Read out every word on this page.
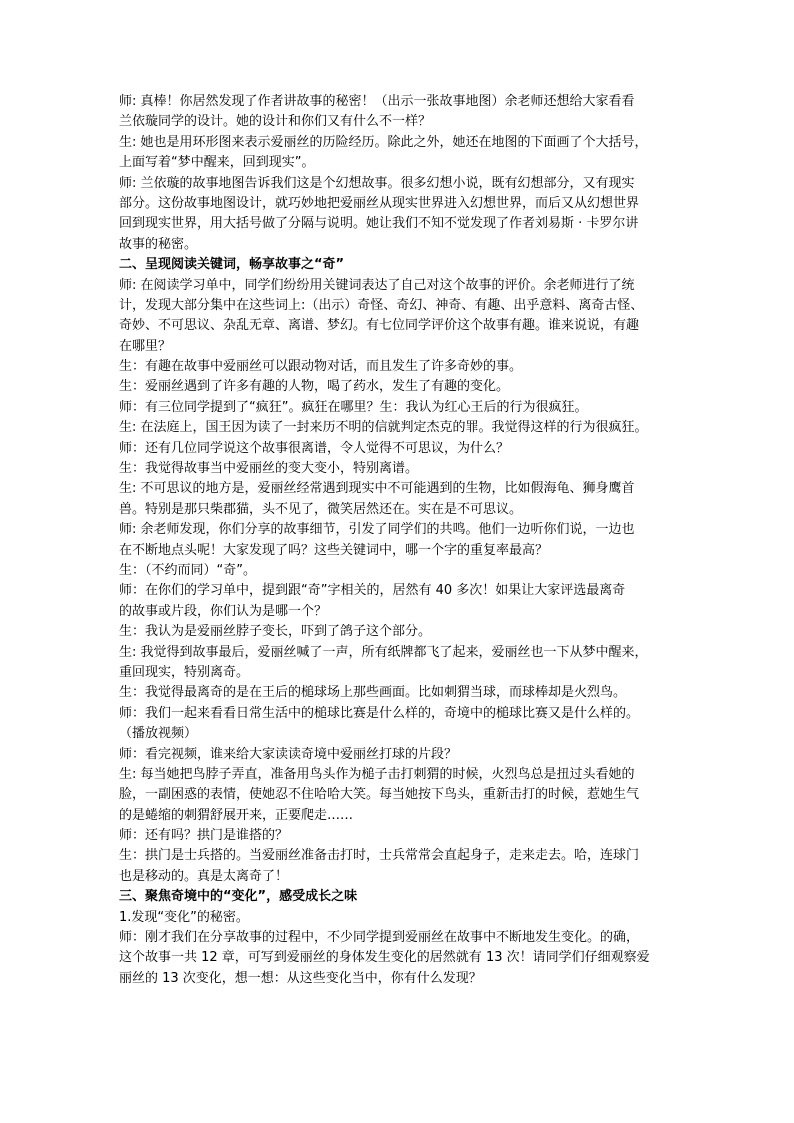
师: 真棒！你居然发现了作者讲故事的秘密！（出示一张故事地图）余老师还想给大家看看
兰依璇同学的设计。她的设计和你们又有什么不一样？
生: 她也是用环形图来表示爱丽丝的历险经历。除此之外，她还在地图的下面画了个大括号，
上面写着“梦中醒来，回到现实”。
师: 兰依璇的故事地图告诉我们这是个幻想故事。很多幻想小说，既有幻想部分，又有现实
部分。这份故事地图设计，就巧妙地把爱丽丝从现实世界进入幻想世界，而后又从幻想世界
回到现实世界，用大括号做了分隔与说明。她让我们不知不觉发现了作者刘易斯 · 卡罗尔讲
故事的秘密。
二、呈现阅读关键词，畅享故事之“奇”
师: 在阅读学习单中，同学们纷纷用关键词表达了自己对这个故事的评价。余老师进行了统
计，发现大部分集中在这些词上:（出示）奇怪、奇幻、神奇、有趣、出乎意料、离奇古怪、
奇妙、不可思议、杂乱无章、离谱、梦幻。有七位同学评价这个故事有趣。谁来说说，有趣
在哪里？
生：有趣在故事中爱丽丝可以跟动物对话，而且发生了许多奇妙的事。
生：爱丽丝遇到了许多有趣的人物，喝了药水，发生了有趣的变化。
师：有三位同学提到了“疯狂”。疯狂在哪里？生：我认为红心王后的行为很疯狂。
生: 在法庭上，国王因为读了一封来历不明的信就判定杰克的罪。我觉得这样的行为很疯狂。
师：还有几位同学说这个故事很离谱，令人觉得不可思议，为什么？
生：我觉得故事当中爱丽丝的变大变小，特别离谱。
生: 不可思议的地方是，爱丽丝经常遇到现实中不可能遇到的生物，比如假海龟、狮身鹰首
兽。特别是那只柴郡猫，头不见了，微笑居然还在。实在是不可思议。
师: 余老师发现，你们分享的故事细节，引发了同学们的共鸣。他们一边听你们说，一边也
在不断地点头呢！大家发现了吗？这些关键词中，哪一个字的重复率最高？
生：（不约而同）“奇”。
师：在你们的学习单中，提到跟“奇”字相关的，居然有 40 多次！如果让大家评选最离奇
的故事或片段，你们认为是哪一个？
生：我认为是爱丽丝脖子变长，吓到了鸽子这个部分。
生: 我觉得到故事最后，爱丽丝喊了一声，所有纸牌都飞了起来，爱丽丝也一下从梦中醒来，
重回现实，特别离奇。
生：我觉得最离奇的是在王后的槌球场上那些画面。比如刺猬当球，而球棒却是火烈鸟。
师：我们一起来看看日常生活中的槌球比赛是什么样的，奇境中的槌球比赛又是什么样的。
（播放视频）
师：看完视频，谁来给大家读读奇境中爱丽丝打球的片段？
生: 每当她把鸟脖子弄直，准备用鸟头作为槌子击打刺猬的时候，火烈鸟总是扭过头看她的
脸，一副困惑的表情，使她忍不住哈哈大笑。每当她按下鸟头，重新击打的时候，惹她生气
的是蜷缩的刺猬舒展开来，正要爬走……
师：还有吗？拱门是谁搭的？
生：拱门是士兵搭的。当爱丽丝准备击打时，士兵常常会直起身子，走来走去。哈，连球门
也是移动的。真是太离奇了！
三、聚焦奇境中的“变化”，感受成长之味
1.发现“变化”的秘密。
师：刚才我们在分享故事的过程中，不少同学提到爱丽丝在故事中不断地发生变化。的确，
这个故事一共 12 章，可写到爱丽丝的身体发生变化的居然就有 13 次！请同学们仔细观察爱
丽丝的 13 次变化，想一想：从这些变化当中，你有什么发现？
